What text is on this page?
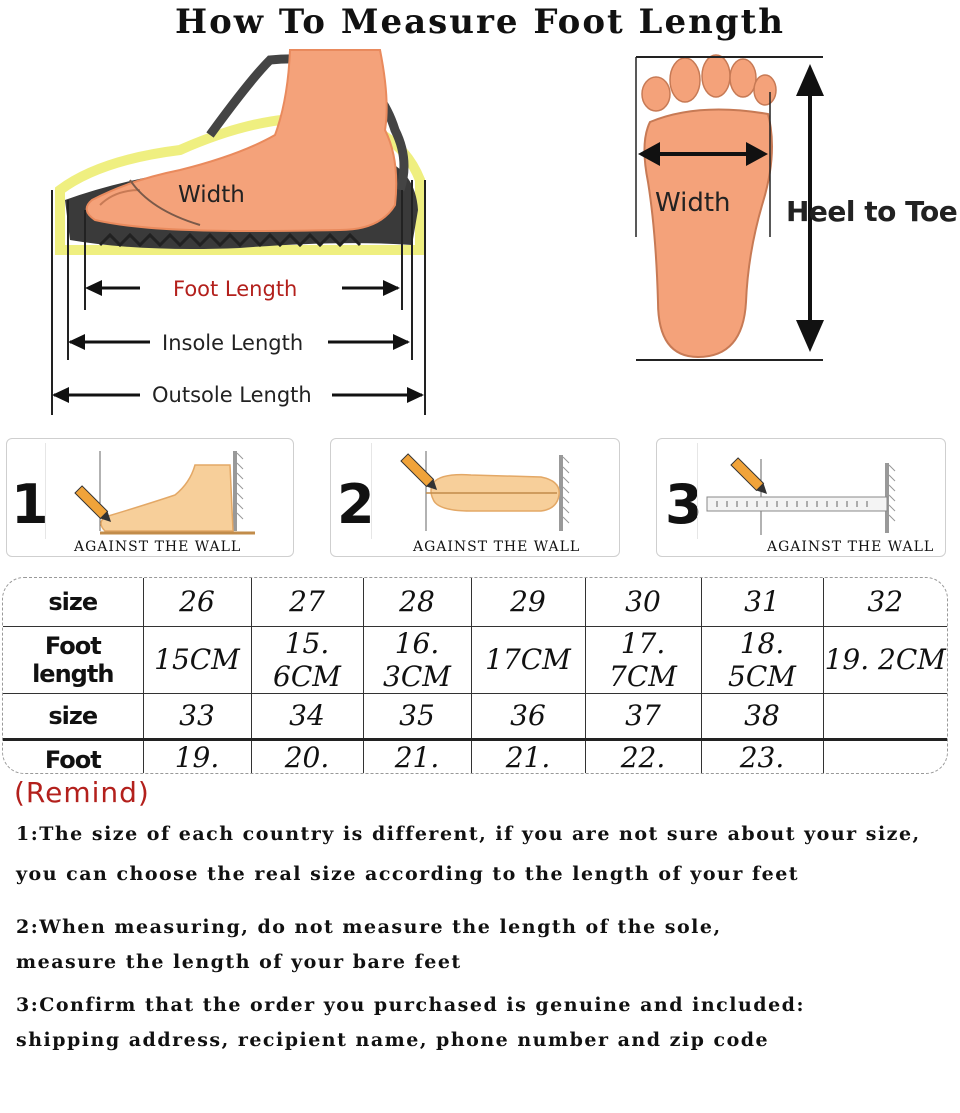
How To Measure Foot Length
Width
Foot Length
Insole Length
Outsole Length
Width Heel to Toe
1
AGAINST THE WALL
2
AGAINST THE WALL
3
AGAINST THE WALL
size	26	27	28	29	30	31	32
Foot length	15CM	15. 6CM	16. 3CM	17CM	17. 7CM	18. 5CM	19. 2CM
size	33	34	35	36	37	38	
Foot	19.	20.	21.	21.	22.	23.	
(Remind)
1:The size of each country is different, if you are not sure about your size,
you can choose the real size according to the length of your feet
2:When measuring, do not measure the length of the sole,
measure the length of your bare feet
3:Confirm that the order you purchased is genuine and included:
shipping address, recipient name, phone number and zip code
